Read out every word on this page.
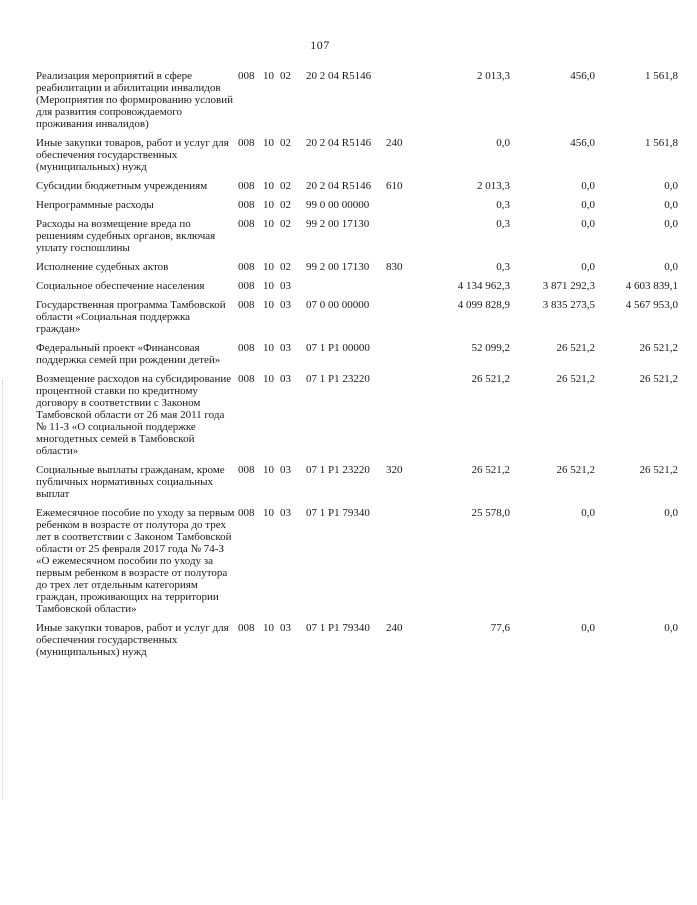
107
Реализация мероприятий в сфере реабилитации и абилитации инвалидов (Мероприятия по формированию условий для развития сопровождаемого проживания инвалидов)	008	10	02	20 2 04 R5146		2 013,3	456,0	1 561,8
Иные закупки товаров, работ и услуг для обеспечения государственных (муниципальных) нужд	008	10	02	20 2 04 R5146	240	0,0	456,0	1 561,8
Субсидии бюджетным учреждениям	008	10	02	20 2 04 R5146	610	2 013,3	0,0	0,0
Непрограммные расходы	008	10	02	99 0 00 00000		0,3	0,0	0,0
Расходы на возмещение вреда по решениям судебных органов, включая уплату госпошлины	008	10	02	99 2 00 17130		0,3	0,0	0,0
Исполнение судебных актов	008	10	02	99 2 00 17130	830	0,3	0,0	0,0
Социальное обеспечение населения	008	10	03			4 134 962,3	3 871 292,3	4 603 839,1
Государственная программа Тамбовской области «Социальная поддержка граждан»	008	10	03	07 0 00 00000		4 099 828,9	3 835 273,5	4 567 953,0
Федеральный проект «Финансовая поддержка семей при рождении детей»	008	10	03	07 1 P1 00000		52 099,2	26 521,2	26 521,2
Возмещение расходов на субсидирование процентной ставки по кредитному договору в соответствии с Законом Тамбовской области от 26 мая 2011 года № 11-З «О социальной поддержке многодетных семей в Тамбовской области»	008	10	03	07 1 P1 23220		26 521,2	26 521,2	26 521,2
Социальные выплаты гражданам, кроме публичных нормативных социальных выплат	008	10	03	07 1 P1 23220	320	26 521,2	26 521,2	26 521,2
Ежемесячное пособие по уходу за первым ребенком в возрасте от полутора до трех лет в соответствии с Законом Тамбовской области от 25 февраля 2017 года № 74-З «О ежемесячном пособии по уходу за первым ребенком в возрасте от полутора до трех лет отдельным категориям граждан, проживающих на территории Тамбовской области»	008	10	03	07 1 P1 79340		25 578,0	0,0	0,0
Иные закупки товаров, работ и услуг для обеспечения государственных (муниципальных) нужд	008	10	03	07 1 P1 79340	240	77,6	0,0	0,0
